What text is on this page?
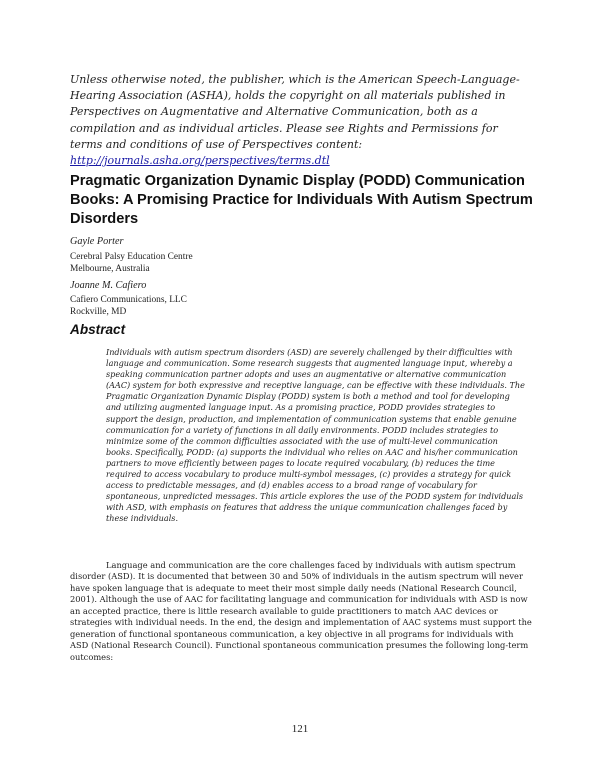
Unless otherwise noted, the publisher, which is the American Speech-Language-Hearing Association (ASHA), holds the copyright on all materials published in Perspectives on Augmentative and Alternative Communication, both as a compilation and as individual articles. Please see Rights and Permissions for terms and conditions of use of Perspectives content:
http://journals.asha.org/perspectives/terms.dtl

Pragmatic Organization Dynamic Display (PODD) Communication Books: A Promising Practice for Individuals With Autism Spectrum Disorders
Gayle Porter
Cerebral Palsy Education Centre
Melbourne, Australia
Joanne M. Cafiero
Cafiero Communications, LLC
Rockville, MD
Abstract

Individuals with autism spectrum disorders (ASD) are severely challenged by their difficulties with language and communication. Some research suggests that augmented language input, whereby a speaking communication partner adopts and uses an augmentative or alternative communication (AAC) system for both expressive and receptive language, can be effective with these individuals. The Pragmatic Organization Dynamic Display (PODD) system is both a method and tool for developing and utilizing augmented language input. As a promising practice, PODD provides strategies to support the design, production, and implementation of communication systems that enable genuine communication for a variety of functions in all daily environments. PODD includes strategies to minimize some of the common difficulties associated with the use of multi-level communication books. Specifically, PODD: (a) supports the individual who relies on AAC and his/her communication partners to move efficiently between pages to locate required vocabulary, (b) reduces the time required to access vocabulary to produce multi-symbol messages, (c) provides a strategy for quick access to predictable messages, and (d) enables access to a broad range of vocabulary for spontaneous, unpredicted messages. This article explores the use of the PODD system for individuals with ASD, with emphasis on features that address the unique communication challenges faced by these individuals.

Language and communication are the core challenges faced by individuals with autism spectrum disorder (ASD). It is documented that between 30 and 50% of individuals in the autism spectrum will never have spoken language that is adequate to meet their most simple daily needs (National Research Council, 2001). Although the use of AAC for facilitating language and communication for individuals with ASD is now an accepted practice, there is little research available to guide practitioners to match AAC devices or strategies with individual needs. In the end, the design and implementation of AAC systems must support the generation of functional spontaneous communication, a key objective in all programs for individuals with ASD (National Research Council). Functional spontaneous communication presumes the following long-term outcomes:

121
